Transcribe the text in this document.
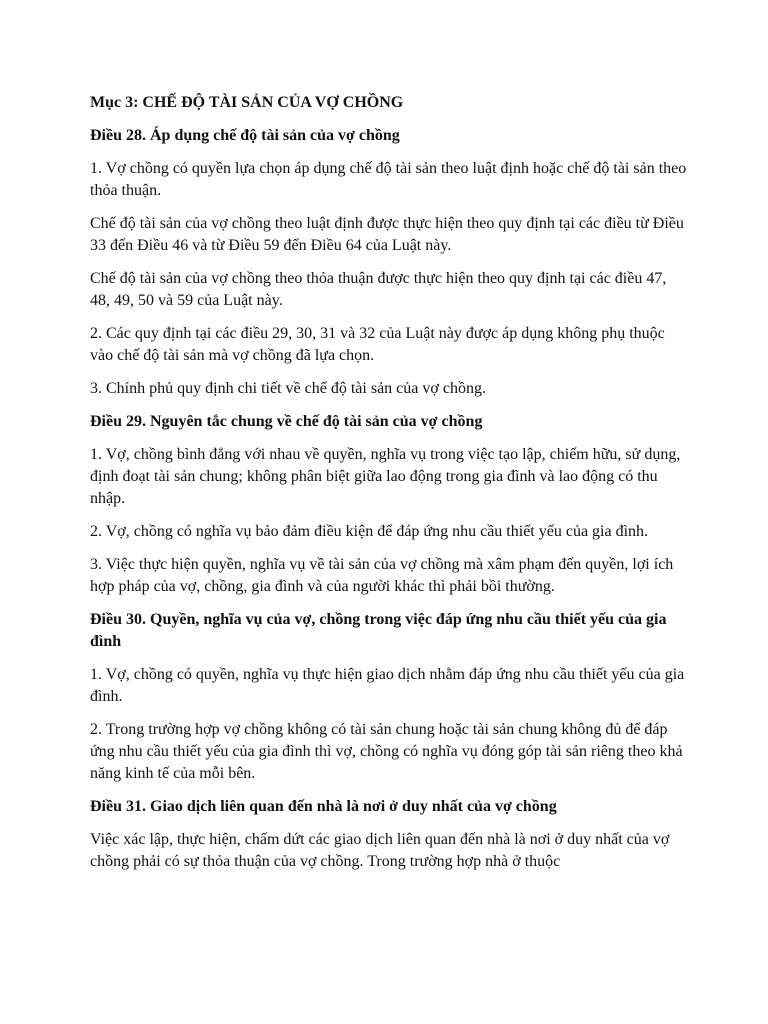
Mục 3: CHẾ ĐỘ TÀI SẢN CỦA VỢ CHỒNG
Điều 28. Áp dụng chế độ tài sản của vợ chồng

1. Vợ chồng có quyền lựa chọn áp dụng chế độ tài sản theo luật định hoặc chế độ tài sản theo thỏa thuận.

Chế độ tài sản của vợ chồng theo luật định được thực hiện theo quy định tại các điều từ Điều 33 đến Điều 46 và từ Điều 59 đến Điều 64 của Luật này.

Chế độ tài sản của vợ chồng theo thỏa thuận được thực hiện theo quy định tại các điều 47, 48, 49, 50 và 59 của Luật này.

2. Các quy định tại các điều 29, 30, 31 và 32 của Luật này được áp dụng không phụ thuộc vào chế độ tài sản mà vợ chồng đã lựa chọn.

3. Chính phủ quy định chi tiết về chế độ tài sản của vợ chồng.

Điều 29. Nguyên tắc chung về chế độ tài sản của vợ chồng

1. Vợ, chồng bình đẳng với nhau về quyền, nghĩa vụ trong việc tạo lập, chiếm hữu, sử dụng, định đoạt tài sản chung; không phân biệt giữa lao động trong gia đình và lao động có thu nhập.

2. Vợ, chồng có nghĩa vụ bảo đảm điều kiện để đáp ứng nhu cầu thiết yếu của gia đình.

3. Việc thực hiện quyền, nghĩa vụ về tài sản của vợ chồng mà xâm phạm đến quyền, lợi ích hợp pháp của vợ, chồng, gia đình và của người khác thì phải bồi thường.

Điều 30. Quyền, nghĩa vụ của vợ, chồng trong việc đáp ứng nhu cầu thiết yếu của gia đình

1. Vợ, chồng có quyền, nghĩa vụ thực hiện giao dịch nhằm đáp ứng nhu cầu thiết yếu của gia đình.

2. Trong trường hợp vợ chồng không có tài sản chung hoặc tài sản chung không đủ để đáp ứng nhu cầu thiết yếu của gia đình thì vợ, chồng có nghĩa vụ đóng góp tài sản riêng theo khả năng kinh tế của mỗi bên.

Điều 31. Giao dịch liên quan đến nhà là nơi ở duy nhất của vợ chồng

Việc xác lập, thực hiện, chấm dứt các giao dịch liên quan đến nhà là nơi ở duy nhất của vợ chồng phải có sự thỏa thuận của vợ chồng. Trong trường hợp nhà ở thuộc
